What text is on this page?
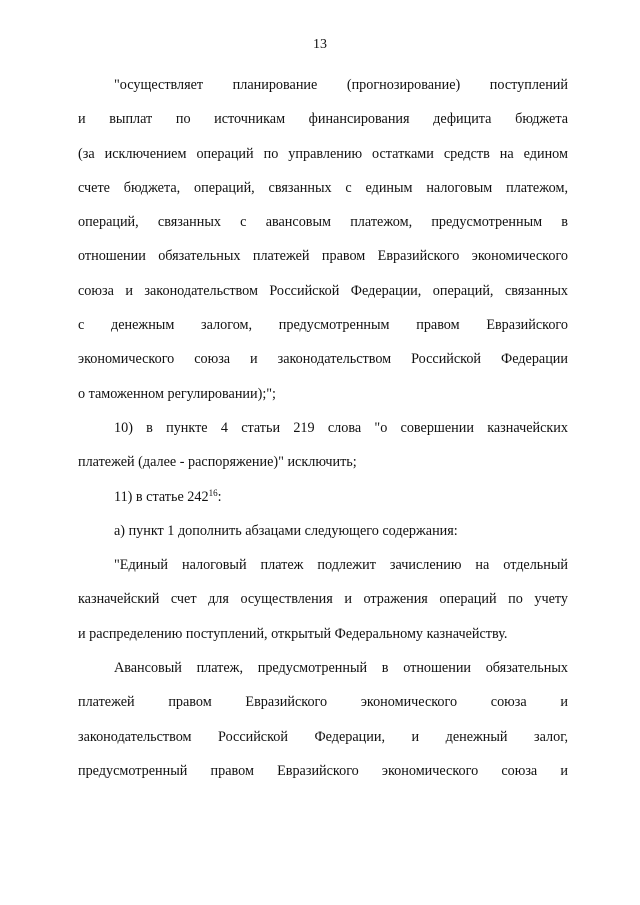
13
"осуществляет планирование (прогнозирование) поступлений
и выплат по источникам финансирования дефицита бюджета
(за исключением операций по управлению остатками средств на едином
счете бюджета, операций, связанных с единым налоговым платежом,
операций, связанных с авансовым платежом, предусмотренным в
отношении обязательных платежей правом Евразийского экономического
союза и законодательством Российской Федерации, операций, связанных
с денежным залогом, предусмотренным правом Евразийского
экономического союза и законодательством Российской Федерации
о таможенном регулировании);";
10) в пункте 4 статьи 219 слова "о совершении казначейских
платежей (далее - распоряжение)" исключить;
11) в статье $242^{16}$:
а) пункт 1 дополнить абзацами следующего содержания:
"Единый налоговый платеж подлежит зачислению на отдельный
казначейский счет для осуществления и отражения операций по учету
и распределению поступлений, открытый Федеральному казначейству.
Авансовый платеж, предусмотренный в отношении обязательных
платежей правом Евразийского экономического союза и
законодательством Российской Федерации, и денежный залог,
предусмотренный правом Евразийского экономического союза и
